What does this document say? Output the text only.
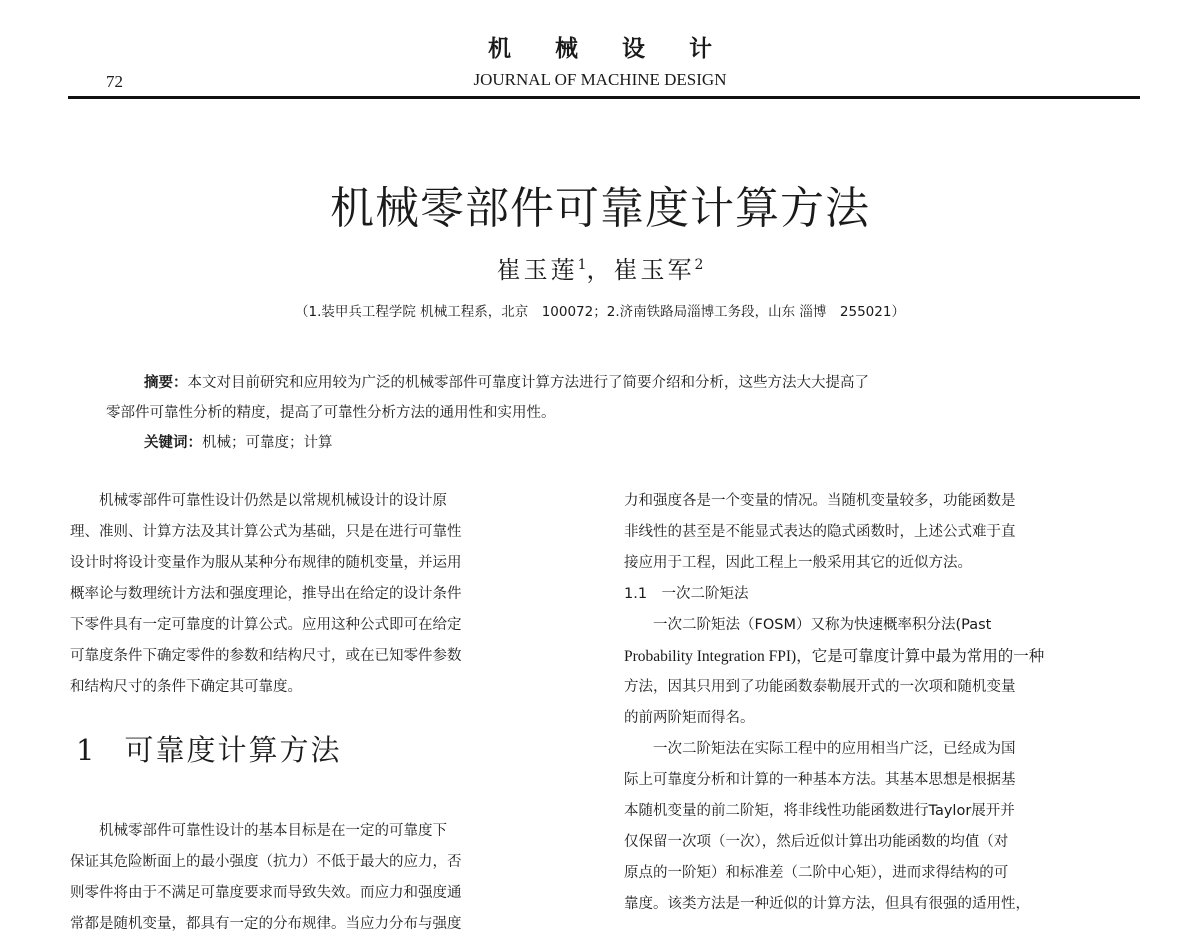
机 械 设 计
72	JOURNAL OF MACHINE DESIGN
机械零部件可靠度计算方法
崔玉莲$^1$，崔玉军$^2$
（1.装甲兵工程学院 机械工程系，北京　100072；2.济南铁路局淄博工务段，山东 淄博　255021）
摘要：本文对目前研究和应用较为广泛的机械零部件可靠度计算方法进行了简要介绍和分析，这些方法大大提高了
零部件可靠性分析的精度，提高了可靠性分析方法的通用性和实用性。
关键词：机械；可靠度；计算
机械零部件可靠性设计仍然是以常规机械设计的设计原
理、准则、计算方法及其计算公式为基础，只是在进行可靠性
设计时将设计变量作为服从某种分布规律的随机变量，并运用
概率论与数理统计方法和强度理论，推导出在给定的设计条件
下零件具有一定可靠度的计算公式。应用这种公式即可在给定
可靠度条件下确定零件的参数和结构尺寸，或在已知零件参数
和结构尺寸的条件下确定其可靠度。
1 可靠度计算方法
机械零部件可靠性设计的基本目标是在一定的可靠度下
保证其危险断面上的最小强度（抗力）不低于最大的应力，否
则零件将由于不满足可靠度要求而导致失效。而应力和强度通
常都是随机变量，都具有一定的分布规律。当应力分布与强度
力和强度各是一个变量的情况。当随机变量较多，功能函数是
非线性的甚至是不能显式表达的隐式函数时，上述公式难于直
接应用于工程，因此工程上一般采用其它的近似方法。
1.1　一次二阶矩法
一次二阶矩法（FOSM）又称为快速概率积分法(Past
Probability Integration FPI)，它是可靠度计算中最为常用的一种
方法，因其只用到了功能函数泰勒展开式的一次项和随机变量
的前两阶矩而得名。
一次二阶矩法在实际工程中的应用相当广泛，已经成为国
际上可靠度分析和计算的一种基本方法。其基本思想是根据基
本随机变量的前二阶矩，将非线性功能函数进行Taylor展开并
仅保留一次项（一次），然后近似计算出功能函数的均值（对
原点的一阶矩）和标准差（二阶中心矩），进而求得结构的可
靠度。该类方法是一种近似的计算方法，但具有很强的适用性，
